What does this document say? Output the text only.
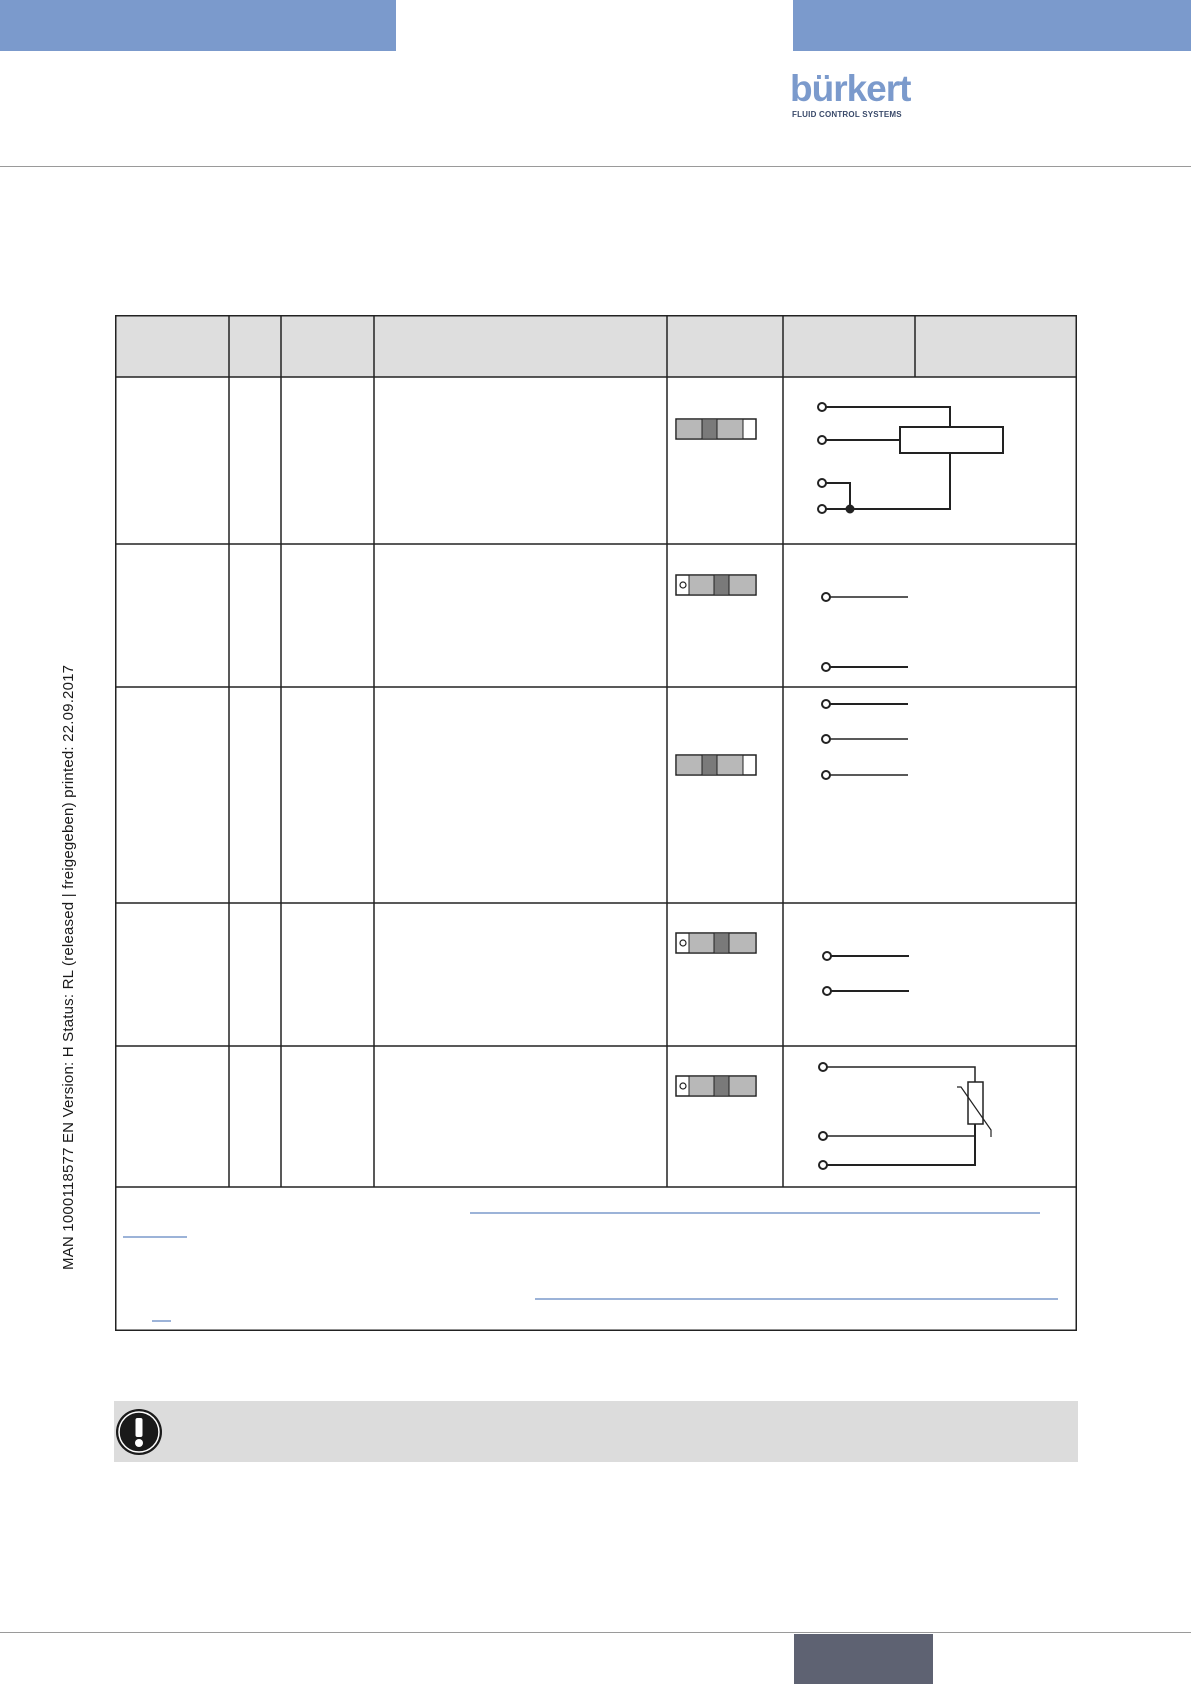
bürkert
FLUID CONTROL SYSTEMS
MAN 1000118577 EN Version: H Status: RL (released | freigegeben) printed: 22.09.2017
